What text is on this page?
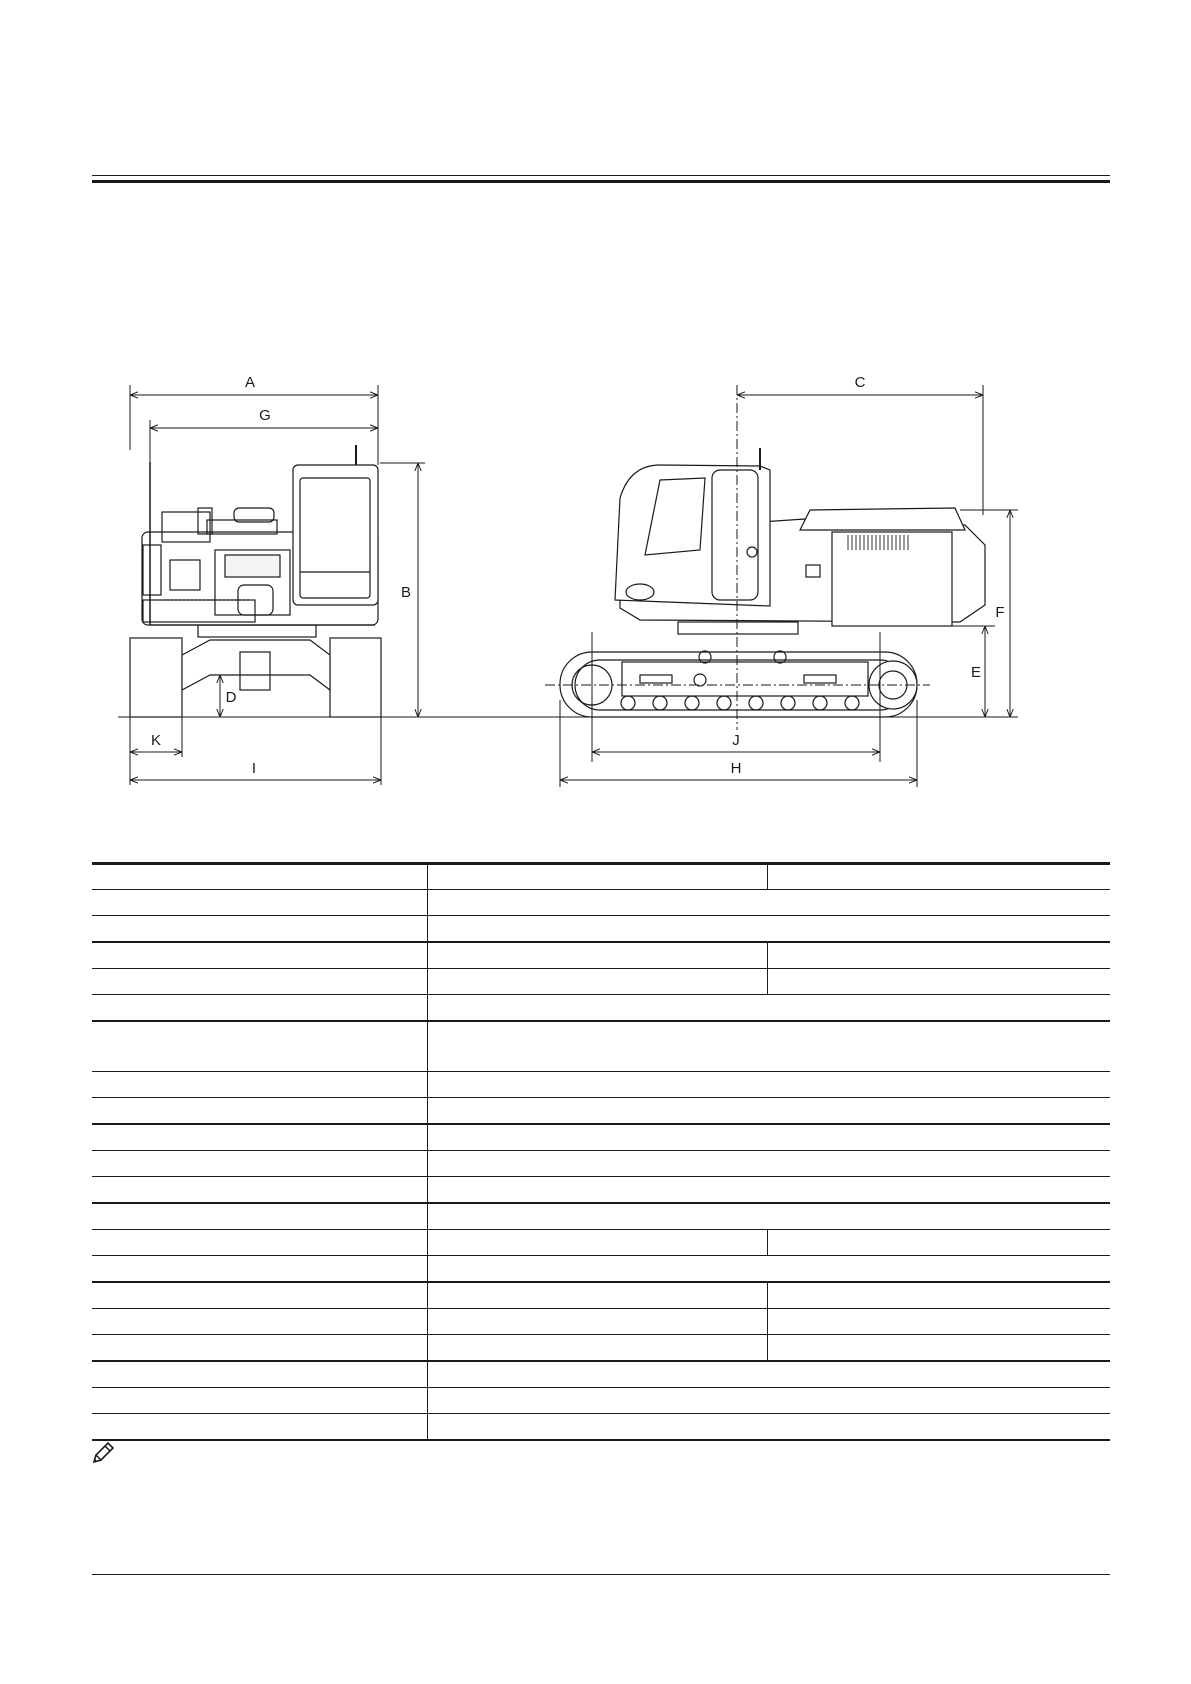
A
G
B
D
K
I
C
F
E
J
H
